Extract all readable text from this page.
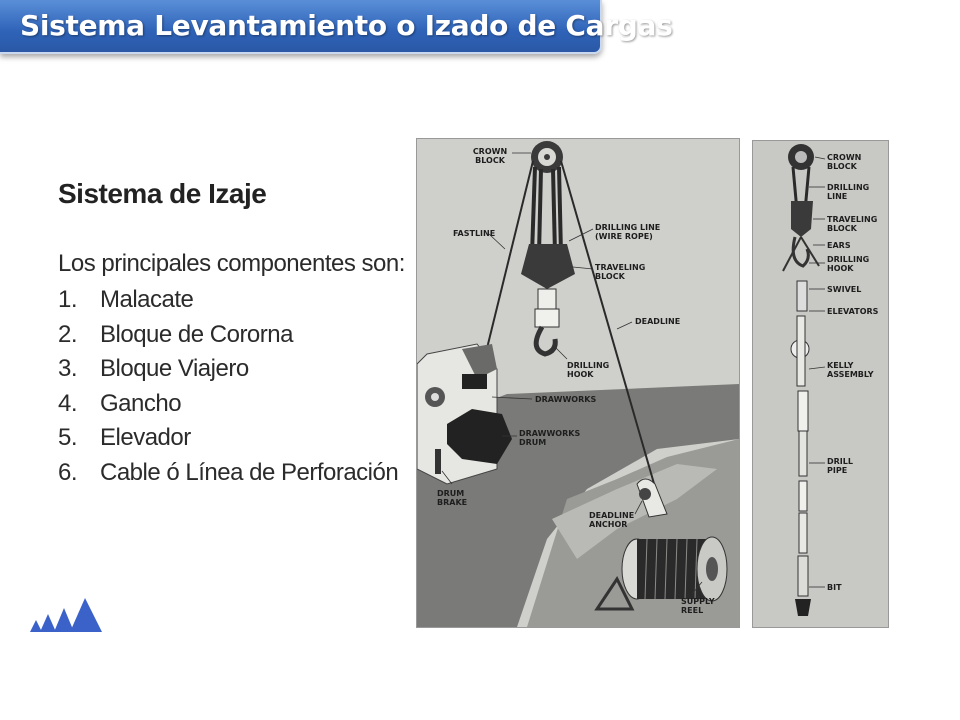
Sistema Levantamiento o Izado de Cargas
Sistema de Izaje
Los principales componentes son:
1. Malacate
2. Bloque de Cororna
3. Bloque Viajero
4. Gancho
5. Elevador
6. Cable ó Línea de Perforación
CROWN
BLOCK
FASTLINE
DRILLING LINE
(WIRE ROPE)
TRAVELING
BLOCK
DEADLINE
DRILLING
HOOK
DRAWWORKS
DRAWWORKS
DRUM
DRUM
BRAKE
DEADLINE
ANCHOR
SUPPLY
REEL
CROWN
BLOCK
DRILLING
LINE
TRAVELING
BLOCK
EARS
DRILLING
HOOK
SWIVEL
ELEVATORS
KELLY
ASSEMBLY
DRILL
PIPE
BIT
